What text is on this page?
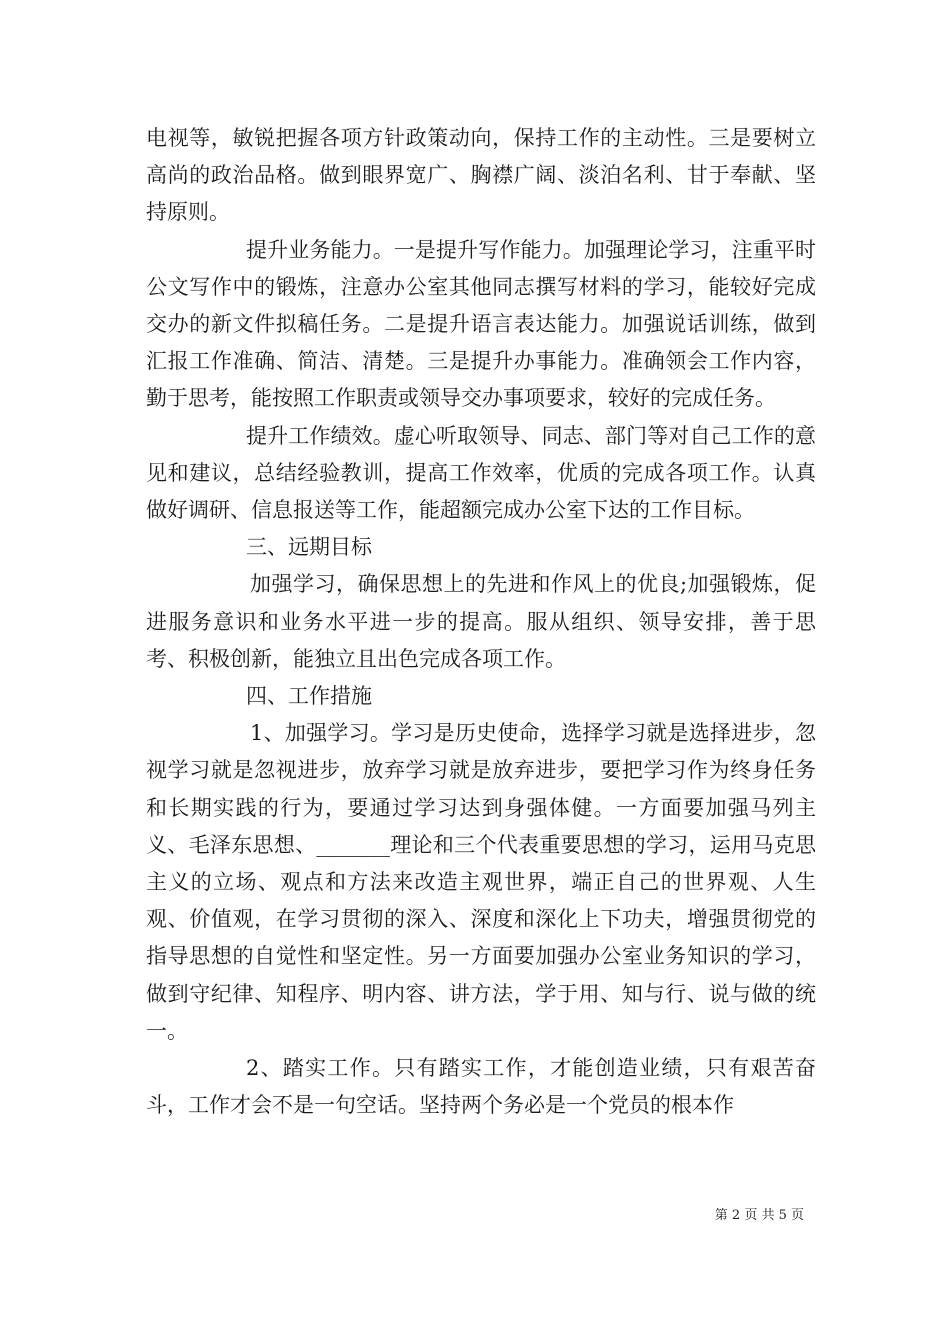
电视等，敏锐把握各项方针政策动向，保持工作的主动性。三是要树立高尚的政治品格。做到眼界宽广、胸襟广阔、淡泊名利、甘于奉献、坚持原则。

提升业务能力。一是提升写作能力。加强理论学习，注重平时公文写作中的锻炼，注意办公室其他同志撰写材料的学习，能较好完成交办的新文件拟稿任务。二是提升语言表达能力。加强说话训练，做到汇报工作准确、简洁、清楚。三是提升办事能力。准确领会工作内容，勤于思考，能按照工作职责或领导交办事项要求，较好的完成任务。

提升工作绩效。虚心听取领导、同志、部门等对自己工作的意见和建议，总结经验教训，提高工作效率，优质的完成各项工作。认真做好调研、信息报送等工作，能超额完成办公室下达的工作目标。

三、远期目标

加强学习，确保思想上的先进和作风上的优良;加强锻炼，促进服务意识和业务水平进一步的提高。服从组织、领导安排，善于思考、积极创新，能独立且出色完成各项工作。

四、工作措施

1、加强学习。学习是历史使命，选择学习就是选择进步，忽视学习就是忽视进步，放弃学习就是放弃进步，要把学习作为终身任务和长期实践的行为，要通过学习达到身强体健。一方面要加强马列主义、毛泽东思想、_______理论和三个代表重要思想的学习，运用马克思主义的立场、观点和方法来改造主观世界，端正自己的世界观、人生观、价值观，在学习贯彻的深入、深度和深化上下功夫，增强贯彻党的指导思想的自觉性和坚定性。另一方面要加强办公室业务知识的学习，做到守纪律、知程序、明内容、讲方法，学于用、知与行、说与做的统一。

2、踏实工作。只有踏实工作，才能创造业绩，只有艰苦奋斗，工作才会不是一句空话。坚持两个务必是一个党员的根本作

第 2 页 共 5 页
